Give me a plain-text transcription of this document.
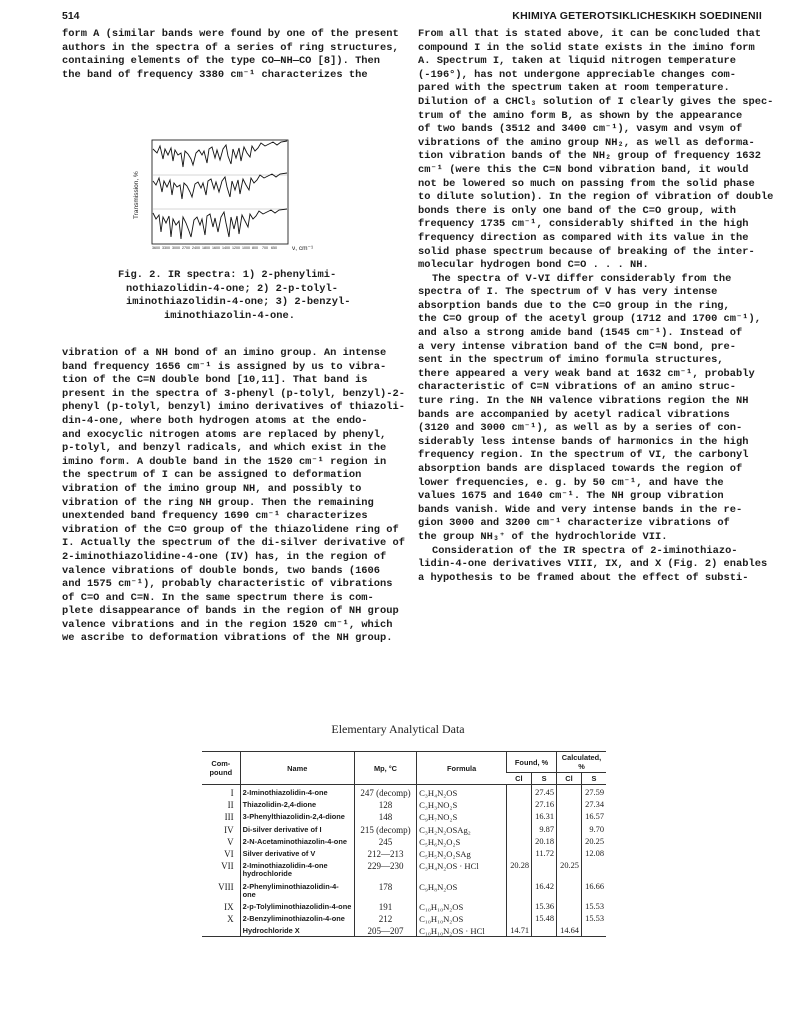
514	KHIMIYA GETEROTSIKLICHESKIKH SOEDINENII

form A (similar bands were found by one of the present

authors in the spectra of a series of ring structures,

containing elements of the type CO—NH—CO [8]). Then

the band of frequency 3380 cm⁻¹ characterizes the

Transmission, %
3600 3300 3000 2700 2400 1800 1600 1400 1200 1000 800 700 650 ν, cm⁻¹

Fig. 2. IR spectra: 1) 2-phenylimi-

nothiazolidin-4-one; 2) 2-p-tolyl-

iminothiazolidin-4-one; 3) 2-benzyl-

iminothiazolin-4-one.

vibration of a NH bond of an imino group. An intense

band frequency 1656 cm⁻¹ is assigned by us to vibra-

tion of the C=N double bond [10,11]. That band is

present in the spectra of 3-phenyl (p-tolyl, benzyl)-2-

phenyl (p-tolyl, benzyl) imino derivatives of thiazoli-

din-4-one, where both hydrogen atoms at the endo-

and exocyclic nitrogen atoms are replaced by phenyl,

p-tolyl, and benzyl radicals, and which exist in the

imino form. A double band in the 1520 cm⁻¹ region in

the spectrum of I can be assigned to deformation

vibration of the imino group NH, and possibly to

vibration of the ring NH group. Then the remaining

unextended band frequency 1690 cm⁻¹ characterizes

vibration of the C=O group of the thiazolidene ring of

I. Actually the spectrum of the di-silver derivative of

2-iminothiazolidine-4-one (IV) has, in the region of

valence vibrations of double bonds, two bands (1606

and 1575 cm⁻¹), probably characteristic of vibrations

of C=O and C=N. In the same spectrum there is com-

plete disappearance of bands in the region of NH group

valence vibrations and in the region 1520 cm⁻¹, which

we ascribe to deformation vibrations of the NH group.

From all that is stated above, it can be concluded that

compound I in the solid state exists in the imino form

A. Spectrum I, taken at liquid nitrogen temperature

(-196°), has not undergone appreciable changes com-

pared with the spectrum taken at room temperature.

Dilution of a CHCl₃ solution of I clearly gives the spec-

trum of the amino form B, as shown by the appearance

of two bands (3512 and 3400 cm⁻¹), νasym and νsym of

vibrations of the amino group NH₂, as well as deforma-

tion vibration bands of the NH₂ group of frequency 1632

cm⁻¹ (were this the C=N bond vibration band, it would

not be lowered so much on passing from the solid phase

to dilute solution). In the region of vibration of double

bonds there is only one band of the C=O group, with

frequency 1735 cm⁻¹, considerably shifted in the high

frequency direction as compared with its value in the

solid phase spectrum because of breaking of the inter-

molecular hydrogen bond C=O . . . NH.

The spectra of V-VI differ considerably from the

spectra of I. The spectrum of V has very intense

absorption bands due to the C=O group in the ring,

the C=O group of the acetyl group (1712 and 1700 cm⁻¹),

and also a strong amide band (1545 cm⁻¹). Instead of

a very intense vibration band of the C=N bond, pre-

sent in the spectrum of imino formula structures,

there appeared a very weak band at 1632 cm⁻¹, probably

characteristic of C=N vibrations of an amino struc-

ture ring. In the NH valence vibrations region the NH

bands are accompanied by acetyl radical vibrations

(3120 and 3000 cm⁻¹), as well as by a series of con-

siderably less intense bands of harmonics in the high

frequency region. In the spectrum of VI, the carbonyl

absorption bands are displaced towards the region of

lower frequencies, e. g. by 50 cm⁻¹, and have the

values 1675 and 1640 cm⁻¹. The NH group vibration

bands vanish. Wide and very intense bands in the re-

gion 3000 and 3200 cm⁻¹ characterize vibrations of

the group NH₃⁺ of the hydrochloride VII.

Consideration of the IR spectra of 2-iminothiazo-

lidin-4-one derivatives VIII, IX, and X (Fig. 2) enables

a hypothesis to be framed about the effect of substi-

Elementary Analytical Data
Com-pound	Name	Mp, °C	Formula	Found, %		Calculated, %	
				Cl	S	Cl	S
I	2-Iminothiazolidin-4-one	247 (decomp)	C₃H₄N₂OS		27.45		27.59
II	Thiazolidin-2,4-dione	128	C₃H₃NO₂S		27.16		27.34
III	3-Phenylthiazolidin-2,4-dione	148	C₉H₇NO₂S		16.31		16.57
IV	Di-silver derivative of I	215 (decomp)	C₃H₂N₂OSAg₂		9.87		9.70
V	2-N-Acetaminothiazolin-4-one	245	C₅H₆N₂O₂S		20.18		20.25
VI	Silver derivative of V	212—213	C₅H₅N₂O₂SAg		11.72		12.08
VII	2-Iminothiazolidin-4-one hydrochloride	229—230	C₃H₄N₂OS · HCl	20.28		20.25	
VIII	2-Phenyliminothiazolidin-4-one	178	C₉H₈N₂OS		16.42		16.66
IX	2-p-Tolyliminothiazolidin-4-one	191	C₁₀H₁₀N₂OS		15.36		15.53
X	2-Benzyliminothiazolin-4-one	212	C₁₀H₁₀N₂OS		15.48		15.53
	Hydrochloride X	205—207	C₁₀H₁₀N₂OS · HCl	14.71		14.64	
